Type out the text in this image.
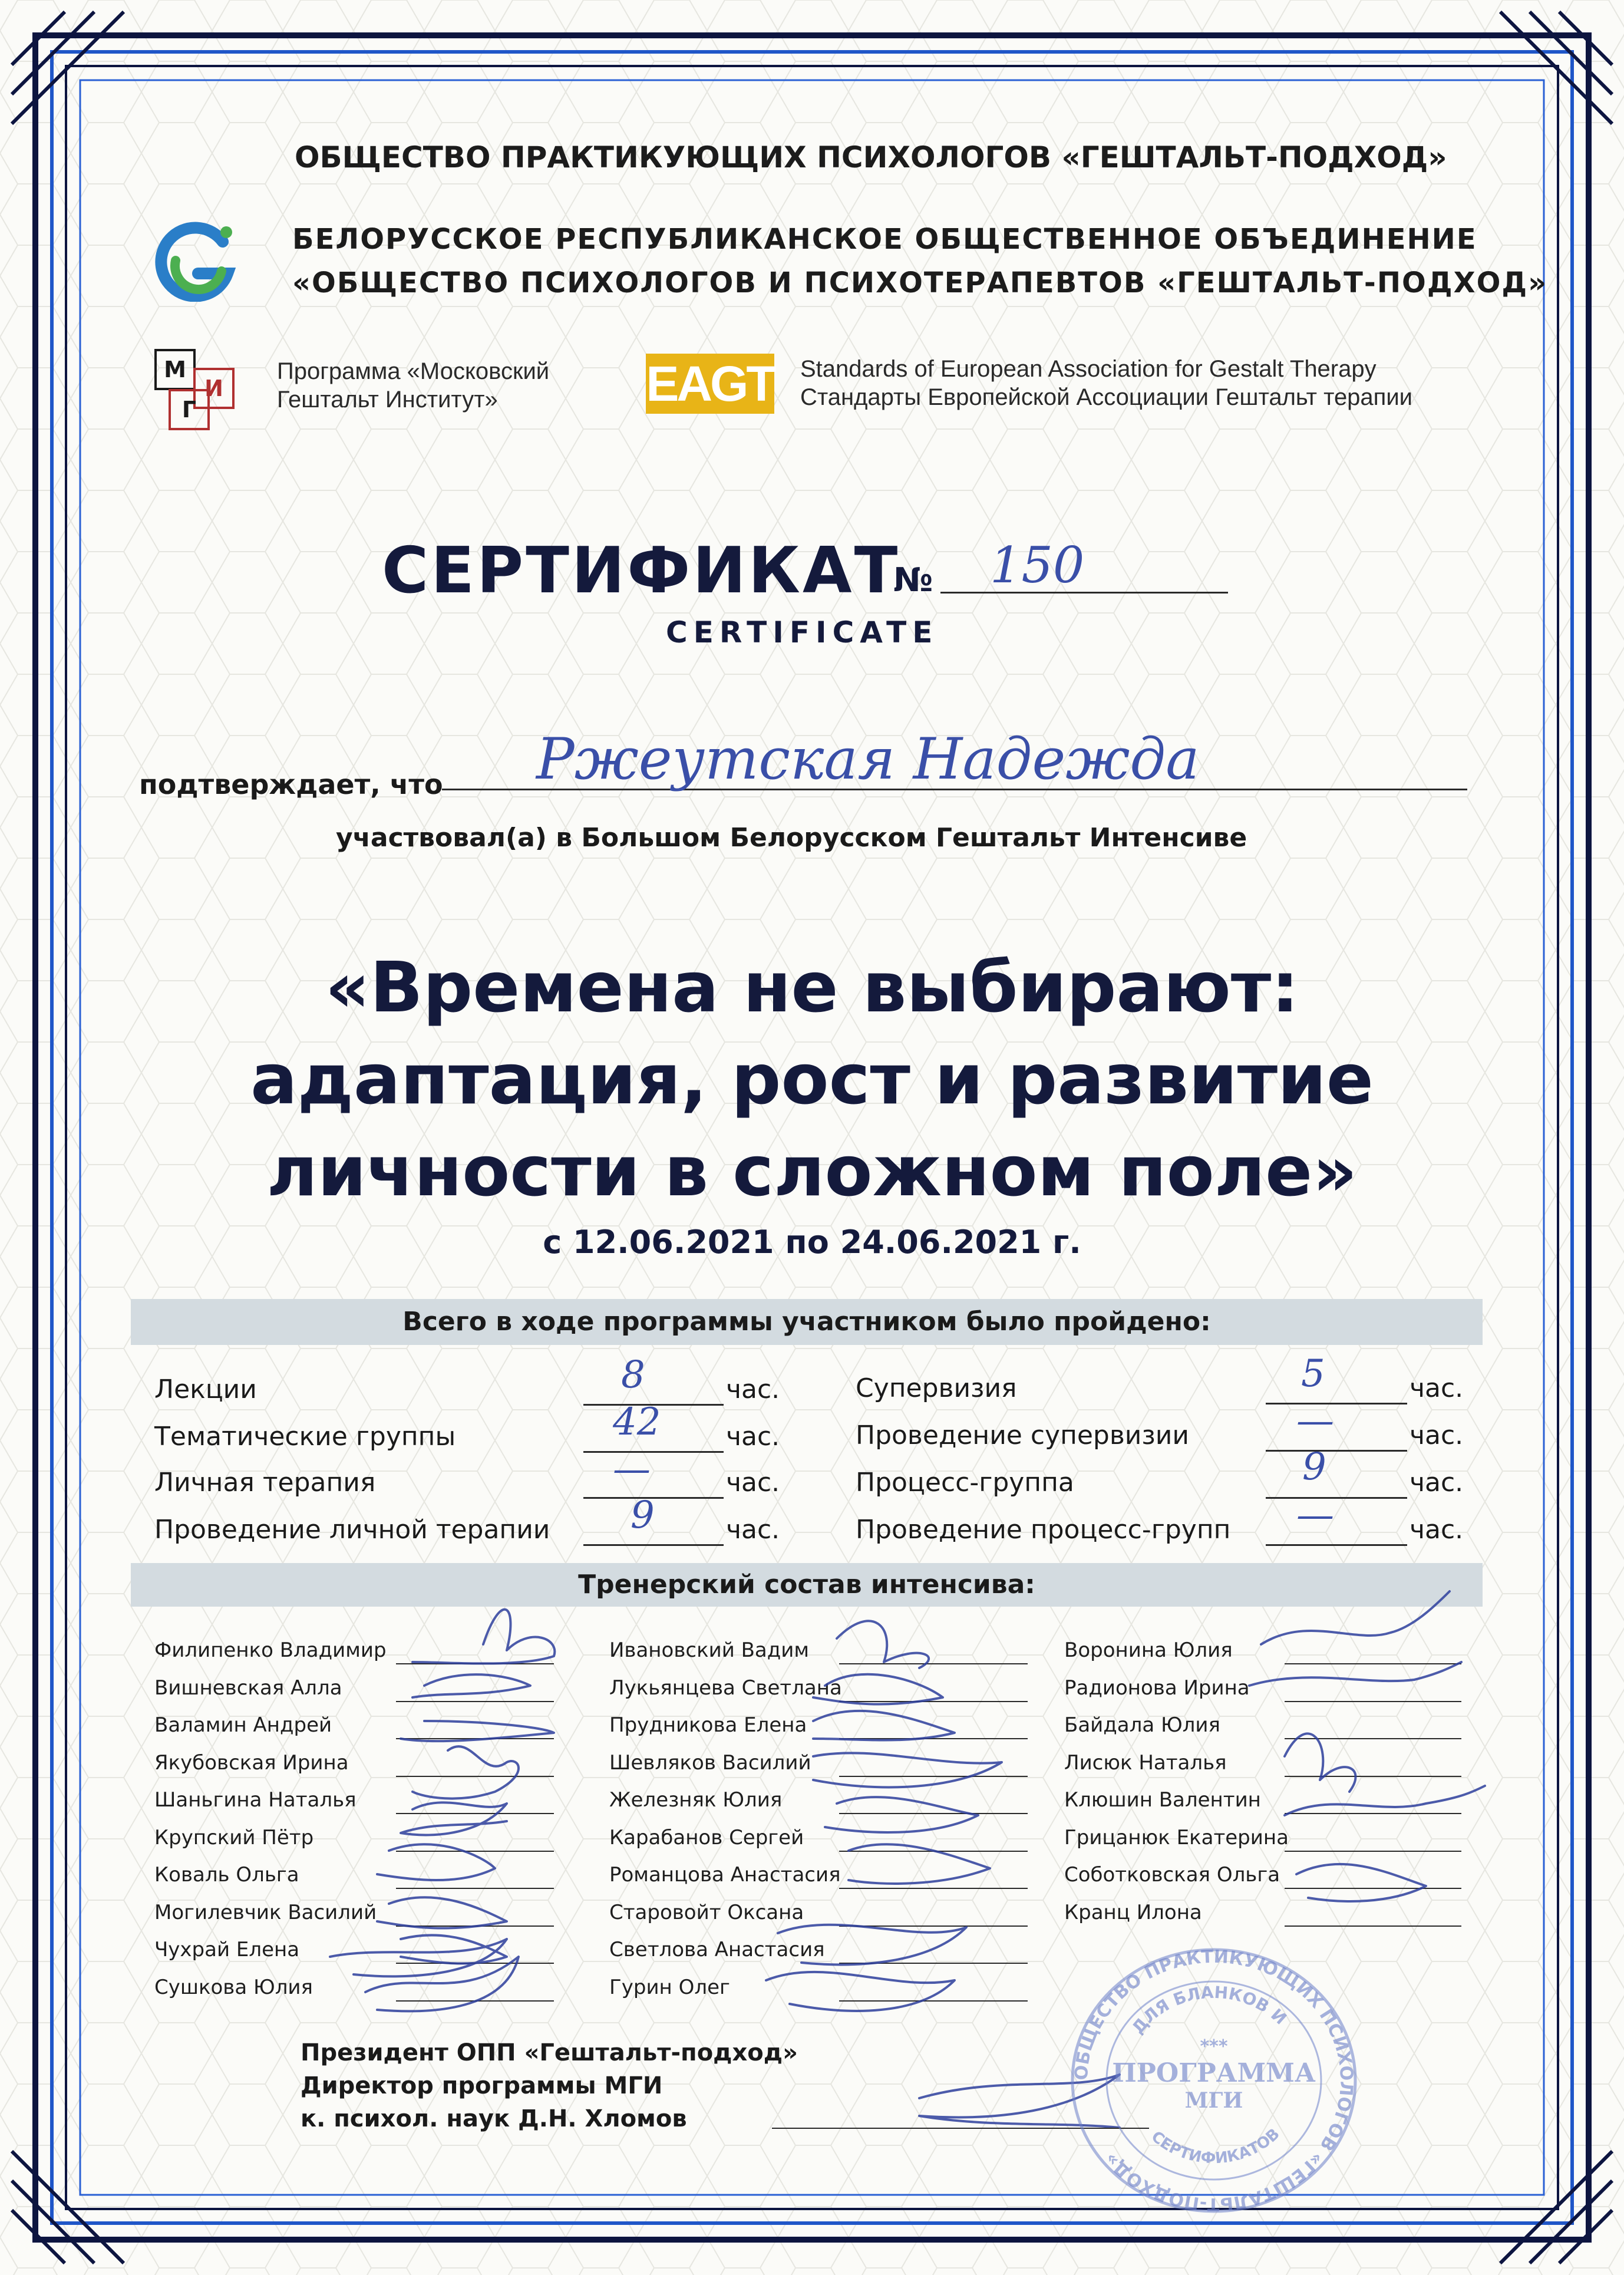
ОБЩЕСТВО ПРАКТИКУЮЩИХ ПСИХОЛОГОВ «ГЕШТАЛЬТ-ПОДХОД»
БЕЛОРУССКОЕ РЕСПУБЛИКАНСКОЕ ОБЩЕСТВЕННОЕ ОБЪЕДИНЕНИЕ
«ОБЩЕСТВО ПСИХОЛОГОВ И ПСИХОТЕРАПЕВТОВ «ГЕШТАЛЬТ-ПОДХОД»
М
И
Г
Программа «Московский
Гештальт Институт»	EAGT Standards of European Association for Gestalt Therapy
Стандарты Европейской Ассоциации Гештальт терапии
СЕРТИФИКАТ
№ 150
CERTIFICATE
подтверждает, что Ржеутская Надежда
участвовал(а) в Большом Белорусском Гештальт Интенсиве
«Времена не выбирают:
адаптация, рост и развитие
личности в сложном поле»
с 12.06.2021 по 24.06.2021 г.
Всего в ходе программы участником было пройдено:
Лекции	8	час.
Тематические группы	42	час.
Личная терапия	—	час.
Проведение личной терапии 9	час.
Супервизия	5	час.
Проведение супервизии	—	час.
Процесс-группа	9	час.
Проведение процесс-групп —	час.
Тренерский состав интенсива:
Филипенко Владимир
Вишневская Алла
Валамин Андрей
Якубовская Ирина
Шаньгина Наталья
Крупский Пётр
Коваль Ольга
Могилевчик Василий
Чухрай Елена
Сушкова Юлия
Ивановский Вадим
Лукьянцева Светлана
Прудникова Елена
Шевляков Василий
Железняк Юлия
Карабанов Сергей
Романцова Анастасия
Старовойт Оксана
Светлова Анастасия
Гурин Олег
Воронина Юлия
Радионова Ирина
Байдала Юлия
Лисюк Наталья
Клюшин Валентин
Грицанюк Екатерина
Соботковская Ольга
Кранц Илона
Президент ОПП «Гештальт-подход»
Директор программы МГИ
к. психол. наук Д.Н. Хломов
ОБЩЕСТВО ПРАКТИКУЮЩИХ ПСИХОЛОГОВ «ГЕШТАЛЬТ-ПОДХОД»
ДЛЯ БЛАНКОВ И
СЕРТИФИКАТОВ
***
ПРОГРАММА
МГИ
